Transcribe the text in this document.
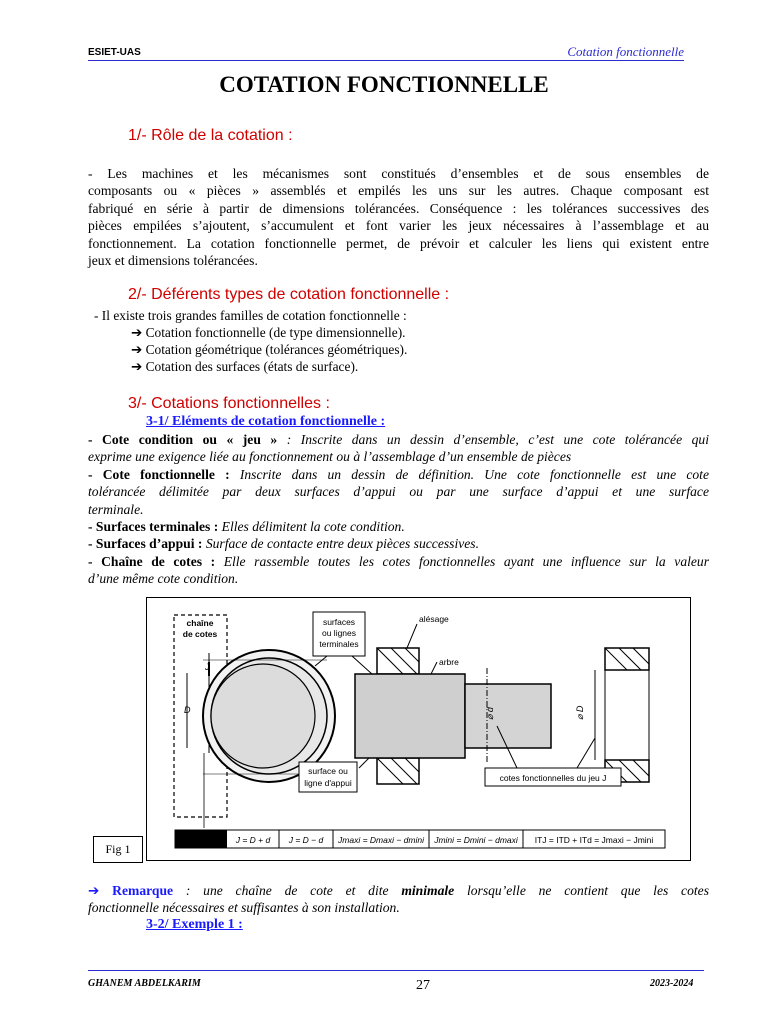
ESIET-UAS	Cotation fonctionnelle
COTATION FONCTIONNELLE
1/- Rôle de la cotation :
- Les machines et les mécanismes sont constitués d’ensembles et de sous ensembles de
composants ou « pièces » assemblés et empilés les uns sur les autres. Chaque composant est
fabriqué en série à partir de dimensions tolérancées. Conséquence : les tolérances successives des
pièces empilées s’ajoutent, s’accumulent et font varier les jeux nécessaires à l’assemblage et au
fonctionnement. La cotation fonctionnelle permet, de prévoir et calculer les liens qui existent entre
jeux et dimensions tolérancées.
2/- Déférents types de cotation fonctionnelle :
- Il existe trois grandes familles de cotation fonctionnelle :
➔ Cotation fonctionnelle (de type dimensionnelle).
➔ Cotation géométrique (tolérances géométriques).
➔ Cotation des surfaces (états de surface).
3/- Cotations fonctionnelles :
3-1/ Eléments de cotation fonctionnelle :
- Cote condition ou « jeu » : Inscrite dans un dessin d’ensemble, c’est une cote tolérancée qui
exprime une exigence liée au fonctionnement ou à l’assemblage d’un ensemble de pièces
- Cote fonctionnelle : Inscrite dans un dessin de définition. Une cote fonctionnelle est une cote
tolérancée délimitée par deux surfaces d’appui ou par une surface d’appui et une surface
terminale.
- Surfaces terminales : Elles délimitent la cote condition.
- Surfaces d’appui : Surface de contacte entre deux pièces successives.
- Chaîne de cotes : Elle rassemble toutes les cotes fonctionnelles ayant une influence sur la valeur
d’une même cote condition.
chaîne
de cotes
J
D
surfaces
ou lignes
terminales
surface ou
ligne d'appui
alésage
arbre
⌀ d	⌀ D
cotes fonctionnelles du jeu J
J = D + d J = D − d Jmaxi = Dmaxi − dmini Jmini = Dmini − dmaxi ITJ = ITD + ITd = Jmaxi − Jmini
Fig 1
➔ Remarque : une chaîne de cote et dite minimale lorsqu’elle ne contient que les cotes
fonctionnelle nécessaires et suffisantes à son installation.
3-2/ Exemple 1 :
GHANEM ABDELKARIM	27	2023-2024
